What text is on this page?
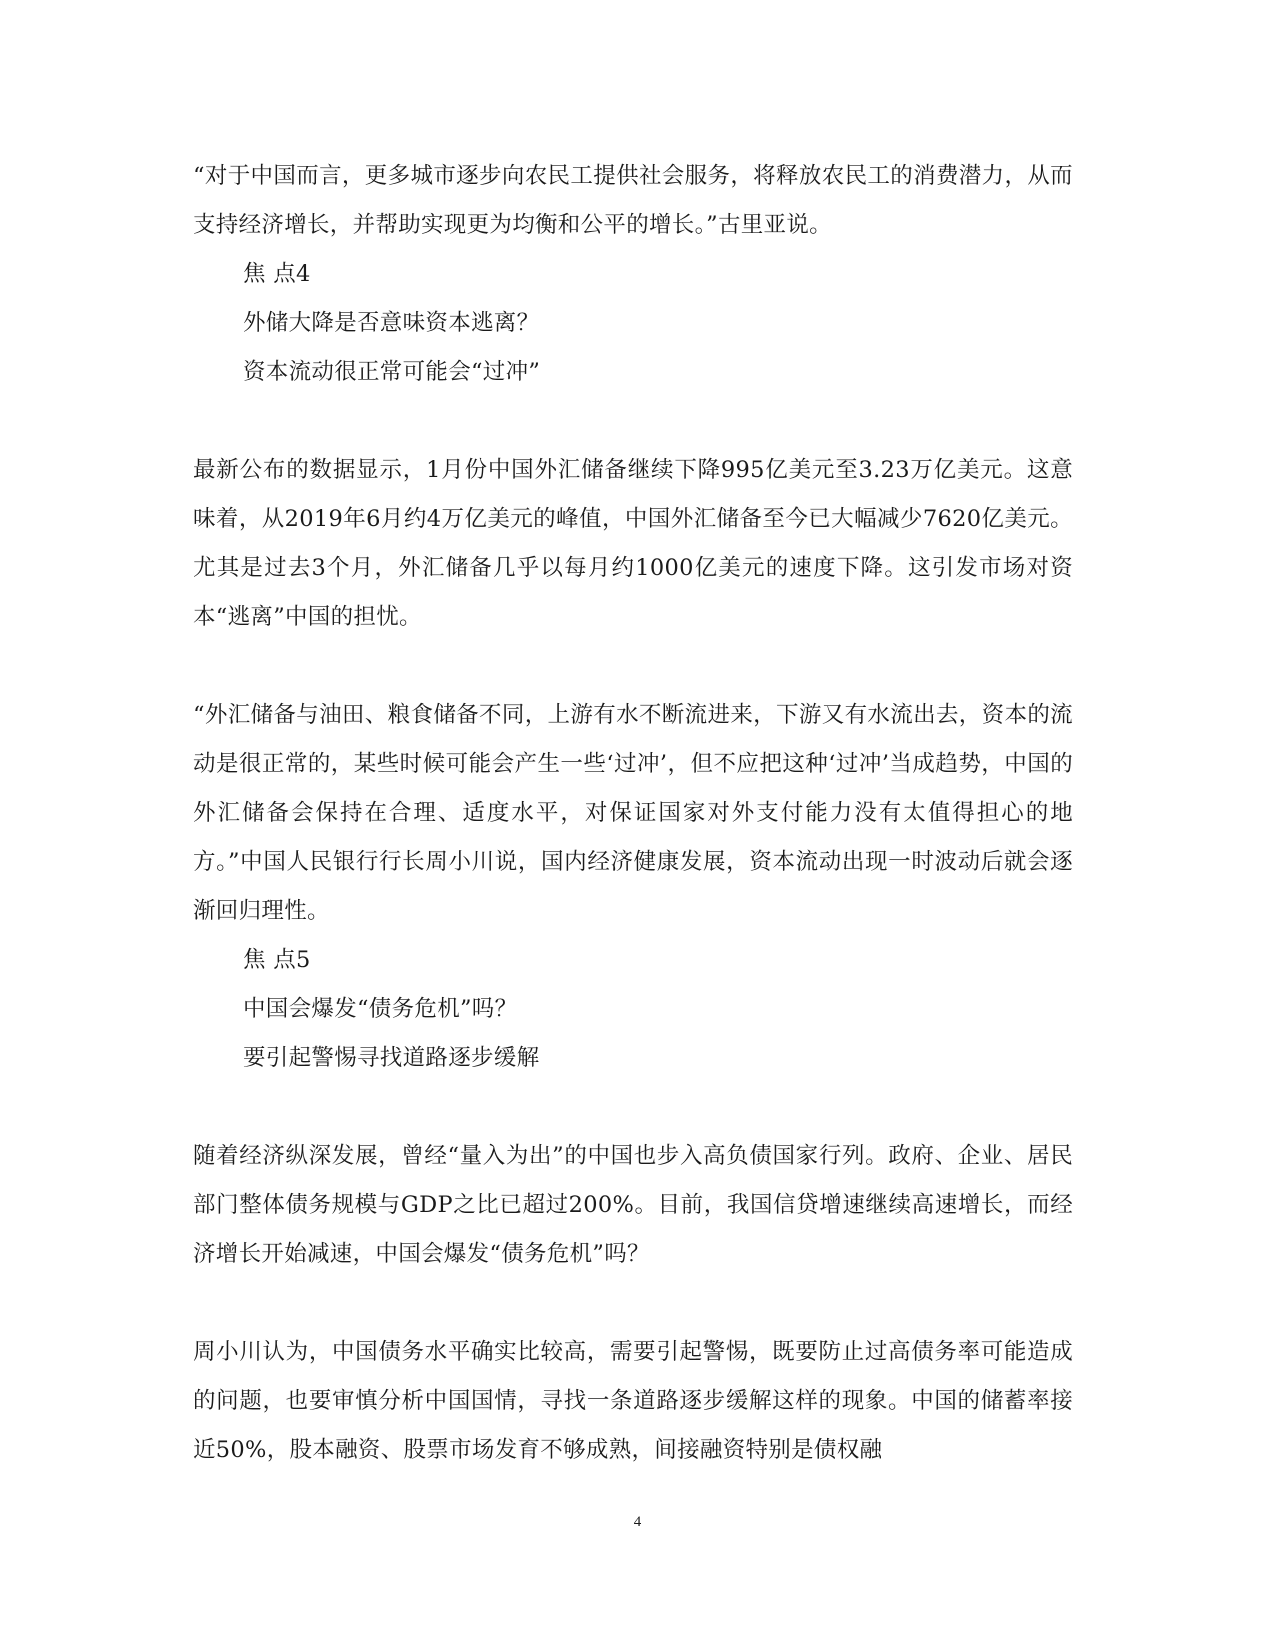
“对于中国而言，更多城市逐步向农民工提供社会服务，将释放农民工的消费潜力，从而支持经济增长，并帮助实现更为均衡和公平的增长。”古里亚说。

焦 点4

外储大降是否意味资本逃离？

资本流动很正常可能会“过冲”

最新公布的数据显示，1月份中国外汇储备继续下降995亿美元至3.23万亿美元。这意味着，从2019年6月约4万亿美元的峰值，中国外汇储备至今已大幅减少7620亿美元。尤其是过去3个月，外汇储备几乎以每月约1000亿美元的速度下降。这引发市场对资本“逃离”中国的担忧。

“外汇储备与油田、粮食储备不同，上游有水不断流进来，下游又有水流出去，资本的流动是很正常的，某些时候可能会产生一些‘过冲’，但不应把这种‘过冲’当成趋势，中国的外汇储备会保持在合理、适度水平，对保证国家对外支付能力没有太值得担心的地方。”中国人民银行行长周小川说，国内经济健康发展，资本流动出现一时波动后就会逐渐回归理性。

焦 点5

中国会爆发“债务危机”吗？

要引起警惕寻找道路逐步缓解

随着经济纵深发展，曾经“量入为出”的中国也步入高负债国家行列。政府、企业、居民部门整体债务规模与GDP之比已超过200%。目前，我国信贷增速继续高速增长，而经济增长开始减速，中国会爆发“债务危机”吗？

周小川认为，中国债务水平确实比较高，需要引起警惕，既要防止过高债务率可能造成的问题，也要审慎分析中国国情，寻找一条道路逐步缓解这样的现象。中国的储蓄率接近50%，股本融资、股票市场发育不够成熟，间接融资特别是债权融

4
